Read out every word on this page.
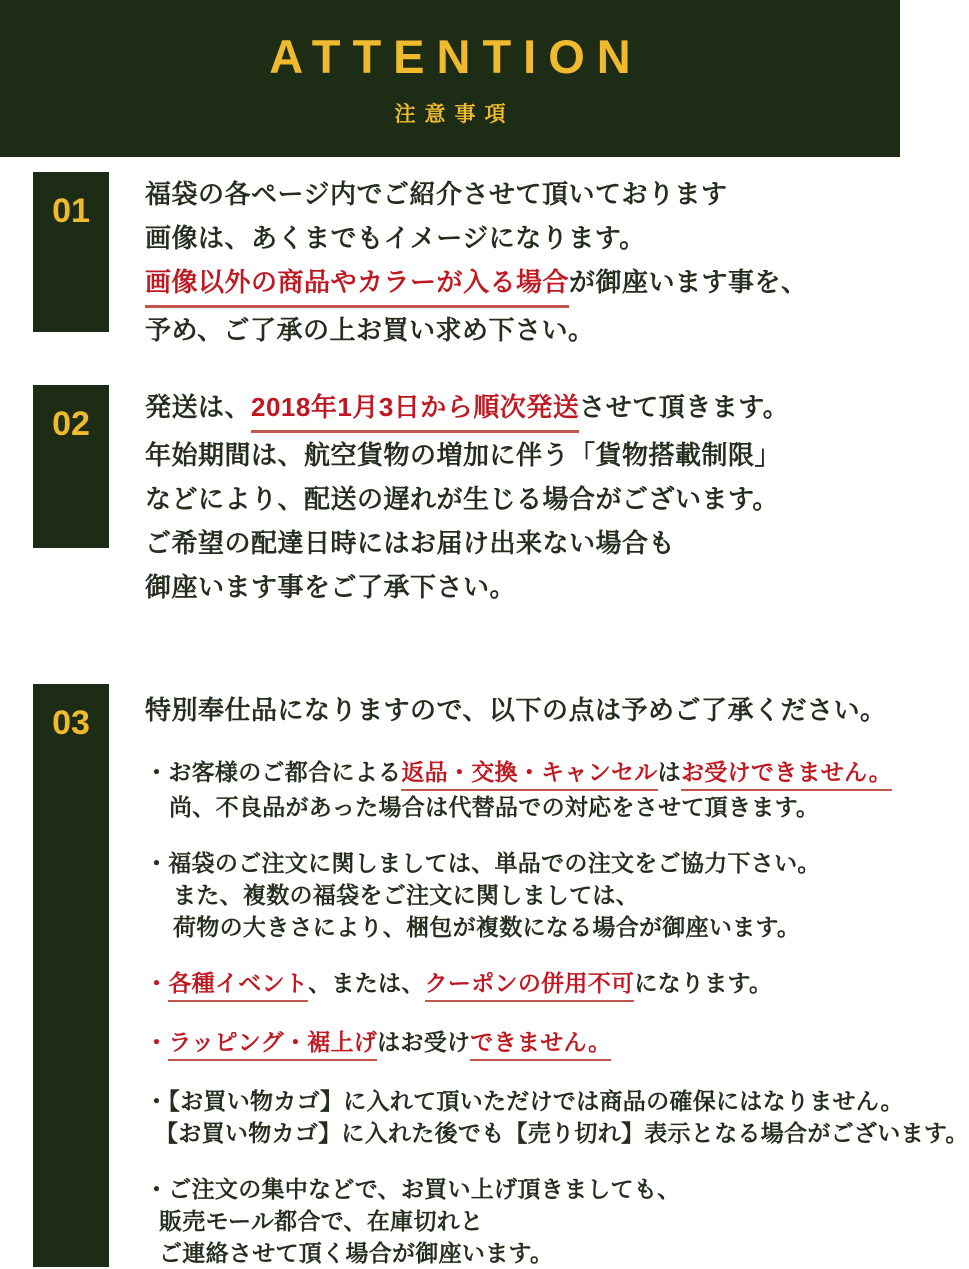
ATTENTION
注意事項
01	福袋の各ページ内でご紹介させて頂いております
画像は、あくまでもイメージになります。
画像以外の商品やカラーが入る場合が御座います事を、
予め、ご了承の上お買い求め下さい。
02	発送は、2018年1月3日から順次発送させて頂きます。
年始期間は、航空貨物の増加に伴う「貨物搭載制限」
などにより、配送の遅れが生じる場合がございます。
ご希望の配達日時にはお届け出来ない場合も
御座います事をご了承下さい。
03	特別奉仕品になりますので、以下の点は予めご了承ください。
・お客様のご都合による返品・交換・キャンセルはお受けできません。
尚、不良品があった場合は代替品での対応をさせて頂きます。
・福袋のご注文に関しましては、単品での注文をご協力下さい。
また、複数の福袋をご注文に関しましては、
荷物の大きさにより、梱包が複数になる場合が御座います。
・各種イベント、または、クーポンの併用不可になります。
・ラッピング・裾上げはお受けできません。
・【お買い物カゴ】に入れて頂いただけでは商品の確保にはなりません。
【お買い物カゴ】に入れた後でも【売り切れ】表示となる場合がございます。
・ご注文の集中などで、お買い上げ頂きましても、
販売モール都合で、在庫切れと
ご連絡させて頂く場合が御座います。
